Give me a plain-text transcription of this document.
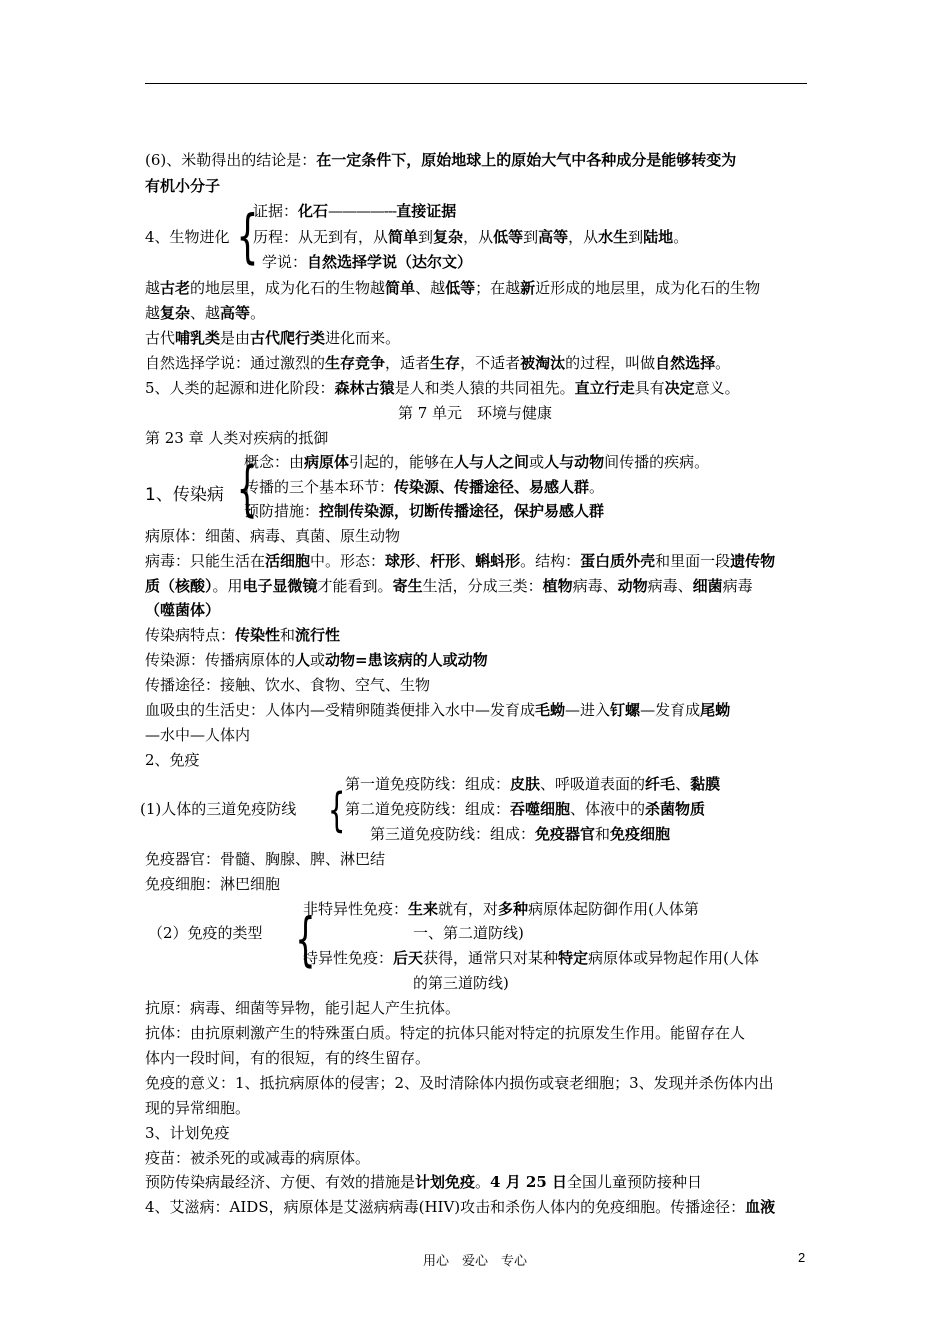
(6)、米勒得出的结论是：在一定条件下，原始地球上的原始大气中各种成分是能够转变为
有机小分子
证据：化石————---直接证据
4、生物进化 {
历程：从无到有，从简单到复杂，从低等到高等，从水生到陆地。
学说：自然选择学说（达尔文）
越古老的地层里，成为化石的生物越简单、越低等；在越新近形成的地层里，成为化石的生物
越复杂、越高等。
古代哺乳类是由古代爬行类进化而来。
自然选择学说：通过激烈的生存竞争，适者生存，不适者被淘汰的过程，叫做自然选择。
5、人类的起源和进化阶段：森林古猿是人和类人猿的共同祖先。直立行走具有决定意义。
第 7 单元　环境与健康
第 23 章 人类对疾病的抵御
概念：由病原体引起的，能够在人与人之间或人与动物间传播的疾病。
1、传染病 {
传播的三个基本环节：传染源、传播途径、易感人群。
预防措施：控制传染源，切断传播途径，保护易感人群
病原体：细菌、病毒、真菌、原生动物
病毒：只能生活在活细胞中。形态：球形、杆形、蝌蚪形。结构：蛋白质外壳和里面一段遗传物
质（核酸）。用电子显微镜才能看到。寄生生活，分成三类：植物病毒、动物病毒、细菌病毒
（噬菌体）
传染病特点：传染性和流行性
传染源：传播病原体的人或动物=患该病的人或动物
传播途径：接触、饮水、食物、空气、生物
血吸虫的生活史：人体内—受精卵随粪便排入水中—发育成毛蚴—进入钉螺—发育成尾蚴
—水中—人体内
2、免疫
第一道免疫防线：组成：皮肤、呼吸道表面的纤毛、黏膜
(1)人体的三道免疫防线 { 第二道免疫防线：组成：吞噬细胞、体液中的杀菌物质
第三道免疫防线：组成：免疫器官和免疫细胞
免疫器官：骨髓、胸腺、脾、淋巴结
免疫细胞：淋巴细胞
非特异性免疫：生来就有，对多种病原体起防御作用(人体第
一、第二道防线)
（2）免疫的类型 {
特异性免疫：后天获得，通常只对某种特定病原体或异物起作用(人体
的第三道防线)
抗原：病毒、细菌等异物，能引起人产生抗体。
抗体：由抗原刺激产生的特殊蛋白质。特定的抗体只能对特定的抗原发生作用。能留存在人
体内一段时间，有的很短，有的终生留存。
免疫的意义：1、抵抗病原体的侵害；2、及时清除体内损伤或衰老细胞；3、发现并杀伤体内出
现的异常细胞。
3、计划免疫
疫苗：被杀死的或减毒的病原体。
预防传染病最经济、方便、有效的措施是计划免疫。4 月 25 日全国儿童预防接种日
4、艾滋病：AIDS，病原体是艾滋病病毒(HIV)攻击和杀伤人体内的免疫细胞。传播途径：血液
用心　爱心　专心	2
